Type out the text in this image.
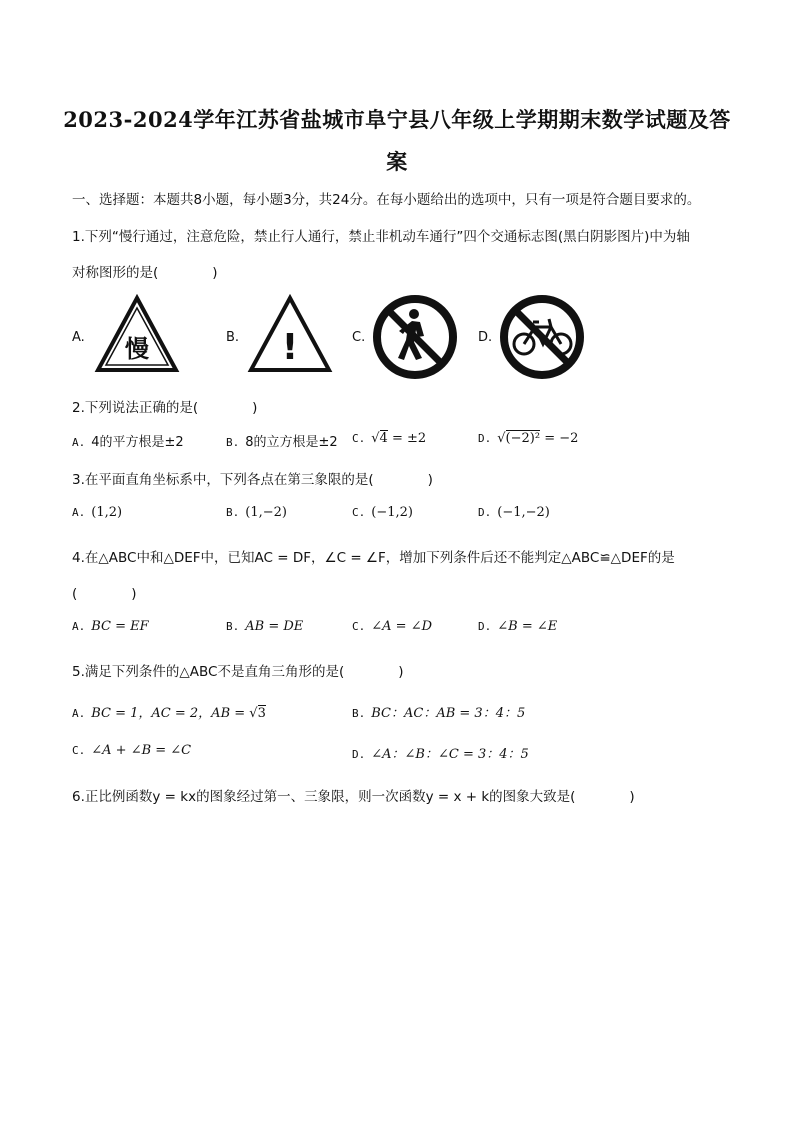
2023-2024学年江苏省盐城市阜宁县八年级上学期期末数学试题及答
案
一、选择题：本题共8小题，每小题3分，共24分。在每小题给出的选项中，只有一项是符合题目要求的。
1.下列“慢行通过，注意危险，禁止行人通行，禁止非机动车通行”四个交通标志图(黑白阴影图片)中为轴
对称图形的是(　　　　)
A. 慢	B. !	C.	D.
2.下列说法正确的是(　　　　)
A. 4的平方根是±2	B. 8的立方根是±2 C. √4 = ±2	D. √(−2)² = −2
3.在平面直角坐标系中，下列各点在第三象限的是(　　　　)
A. (1,2)	B. (1,−2)	C. (−1,2)	D. (−1,−2)
4.在△ABC中和△DEF中，已知AC = DF，∠C = ∠F，增加下列条件后还不能判定△ABC≌△DEF的是
(　　　　)
A. BC = EF	B. AB = DE	C. ∠A = ∠D	D. ∠B = ∠E
5.满足下列条件的△ABC不是直角三角形的是(　　　　)
A. BC = 1，AC = 2，AB = √3	B. BC：AC：AB = 3：4：5
C. ∠A + ∠B = ∠C	D. ∠A：∠B：∠C = 3：4：5
6.正比例函数y = kx的图象经过第一、三象限，则一次函数y = x + k的图象大致是(　　　　)
